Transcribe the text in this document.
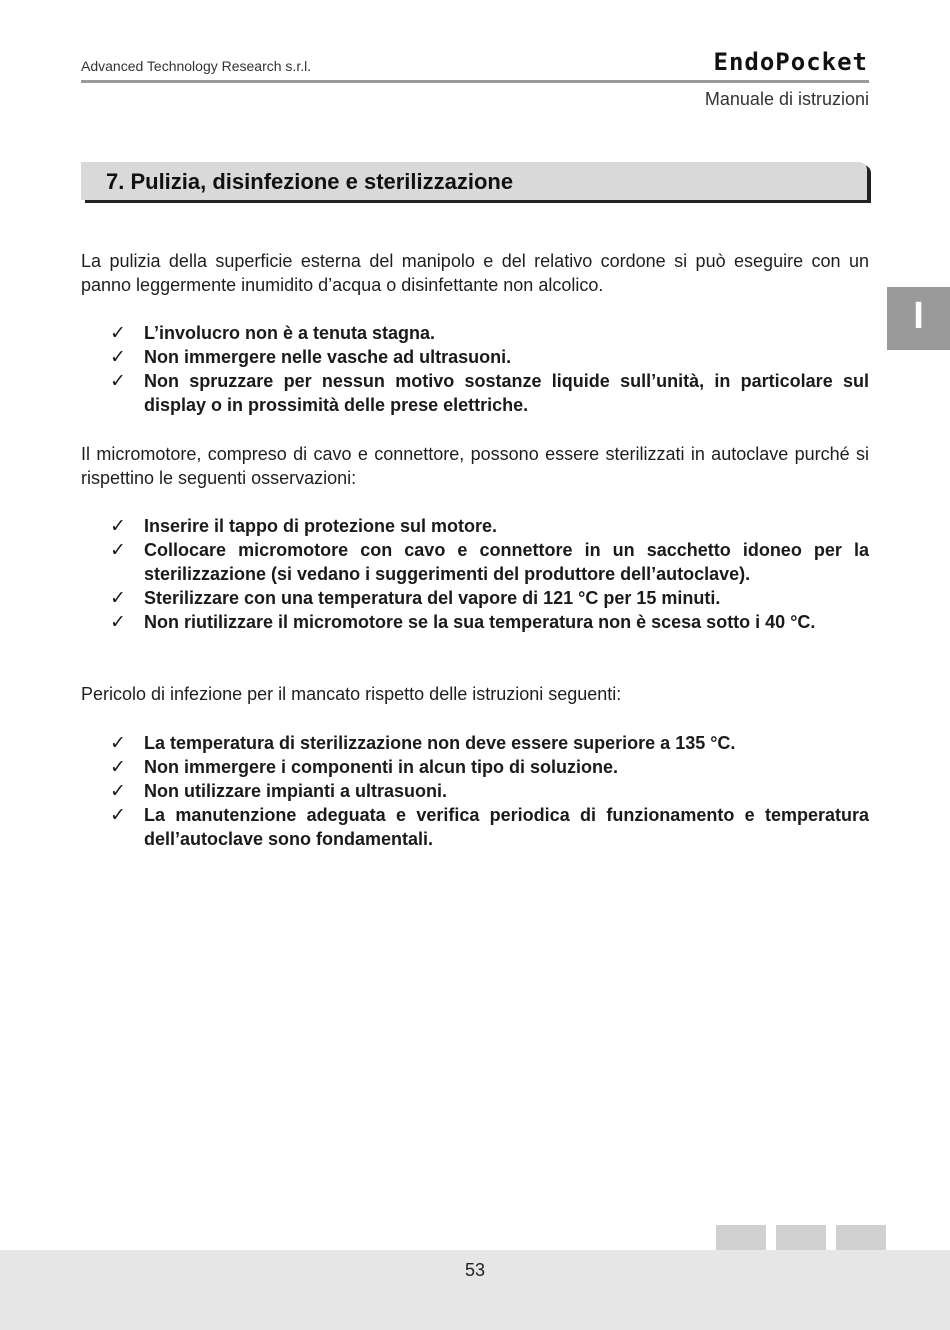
Advanced Technology Research s.r.l.	EndoPocket
Manuale di istruzioni
7. Pulizia, disinfezione e sterilizzazione
I

La pulizia della superficie esterna del manipolo e del relativo cordone si può eseguire con un panno leggermente inumidito d’acqua o disinfettante non alcolico.

✓ L’involucro non è a tenuta stagna.
✓ Non immergere nelle vasche ad ultrasuoni.
✓ Non spruzzare per nessun motivo sostanze liquide sull’unità, in particolare sul display o in prossimità delle prese elettriche.

Il micromotore, compreso di cavo e connettore, possono essere sterilizzati in autoclave purché si rispettino le seguenti osservazioni:

✓ Inserire il tappo di protezione sul motore.
✓ Collocare micromotore con cavo e connettore in un sacchetto idoneo per la sterilizzazione (si vedano i suggerimenti del produttore dell’autoclave).
✓ Sterilizzare con una temperatura del vapore di 121 °C per 15 minuti.
✓ Non riutilizzare il micromotore se la sua temperatura non è scesa sotto i 40 °C.

Pericolo di infezione per il mancato rispetto delle istruzioni seguenti:

✓ La temperatura di sterilizzazione non deve essere superiore a 135 °C.
✓ Non immergere i componenti in alcun tipo di soluzione.
✓ Non utilizzare impianti a ultrasuoni.
✓ La manutenzione adeguata e verifica periodica di funzionamento e temperatura dell’autoclave sono fondamentali.
53
